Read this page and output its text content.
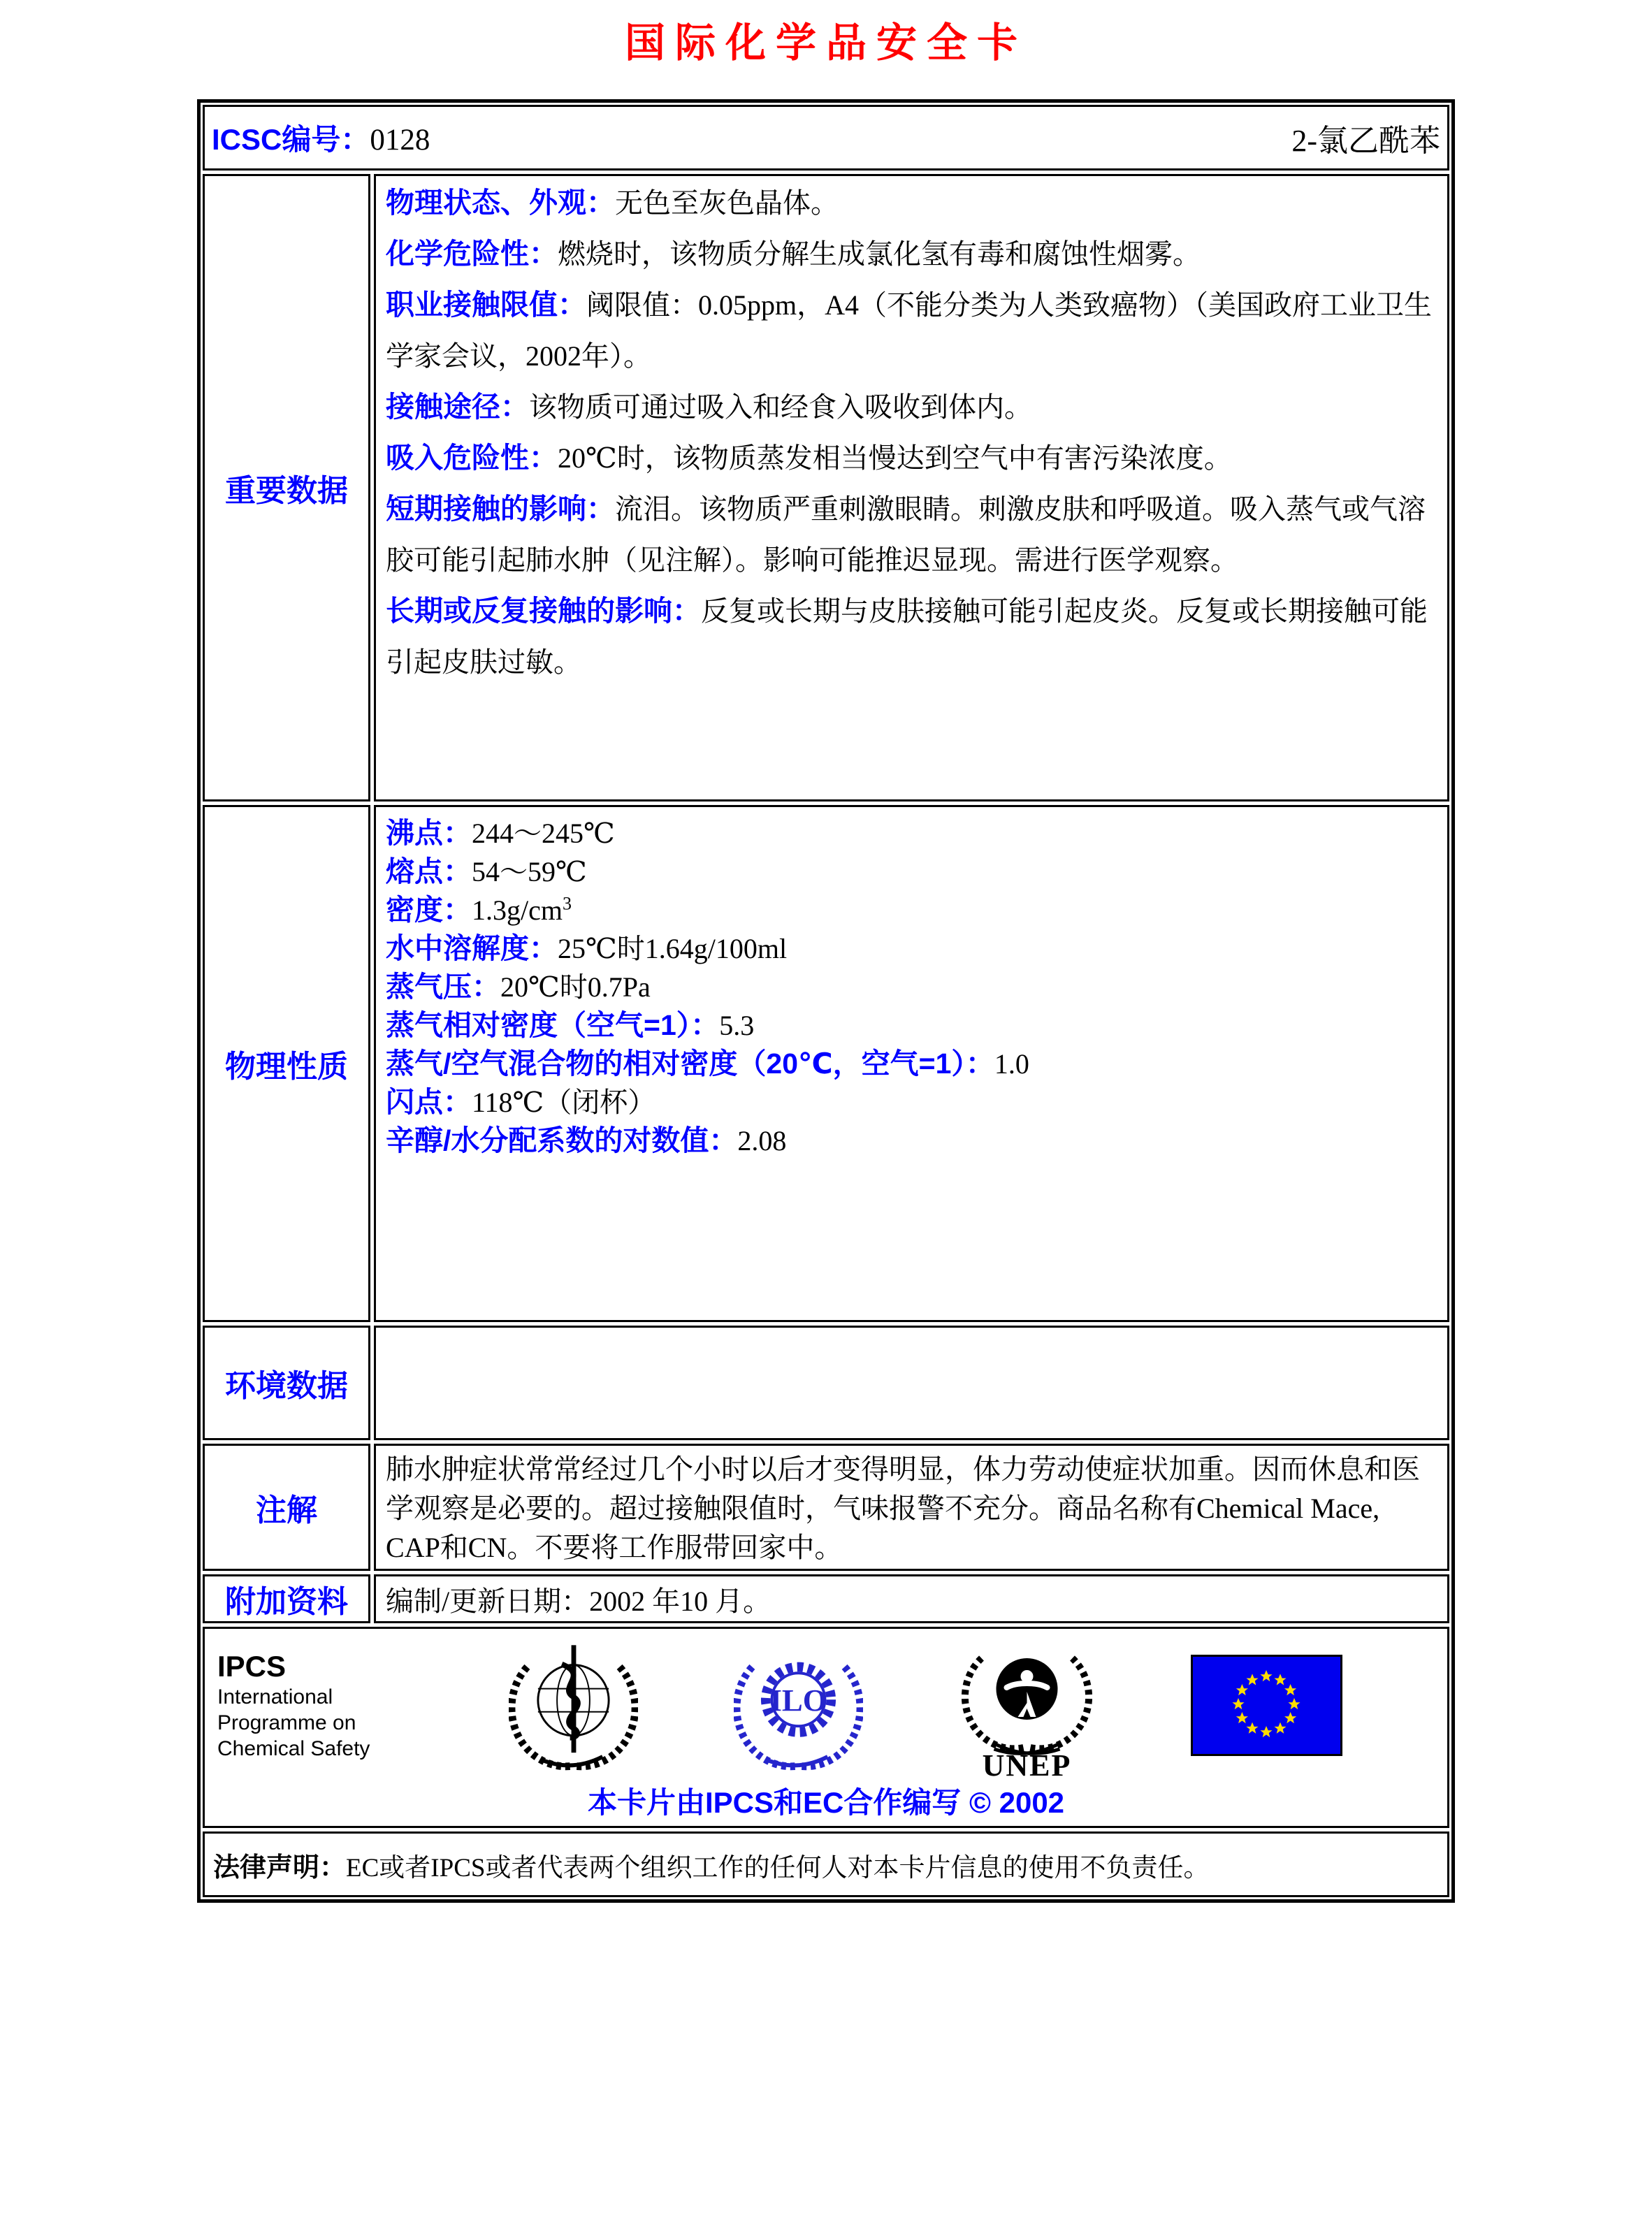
国际化学品安全卡
ICSC编号：0128	2-氯乙酰苯
重要数据

物理状态、外观：无色至灰色晶体。

化学危险性：燃烧时，该物质分解生成氯化氢有毒和腐蚀性烟雾。

职业接触限值：阈限值：0.05ppm，A4（不能分类为人类致癌物）（美国政府工业卫生学家会议，2002年）。

接触途径：该物质可通过吸入和经食入吸收到体内。

吸入危险性：20℃时，该物质蒸发相当慢达到空气中有害污染浓度。

短期接触的影响：流泪。该物质严重刺激眼睛。刺激皮肤和呼吸道。吸入蒸气或气溶胶可能引起肺水肿（见注解）。影响可能推迟显现。需进行医学观察。

长期或反复接触的影响：反复或长期与皮肤接触可能引起皮炎。反复或长期接触可能引起皮肤过敏。

物理性质

沸点：244～245℃

熔点：54～59℃

密度：$1.3g/cm^3$

水中溶解度：25℃时1.64g/100ml

蒸气压：20℃时0.7Pa

蒸气相对密度（空气=1）：5.3

蒸气/空气混合物的相对密度（20℃，空气=1）：1.0

闪点：118℃（闭杯）

辛醇/水分配系数的对数值：2.08

环境数据
注解

肺水肿症状常常经过几个小时以后才变得明显，体力劳动使症状加重。因而休息和医学观察是必要的。超过接触限值时，气味报警不充分。商品名称有Chemical Mace, CAP和CN。不要将工作服带回家中。

附加资料 编制/更新日期：2002 年10 月。

IPCS
International
Programme on
Chemical Safety
ILO
UNEP
本卡片由IPCS和EC合作编写 © 2002
法律声明：EC或者IPCS或者代表两个组织工作的任何人对本卡片信息的使用不负责任。
